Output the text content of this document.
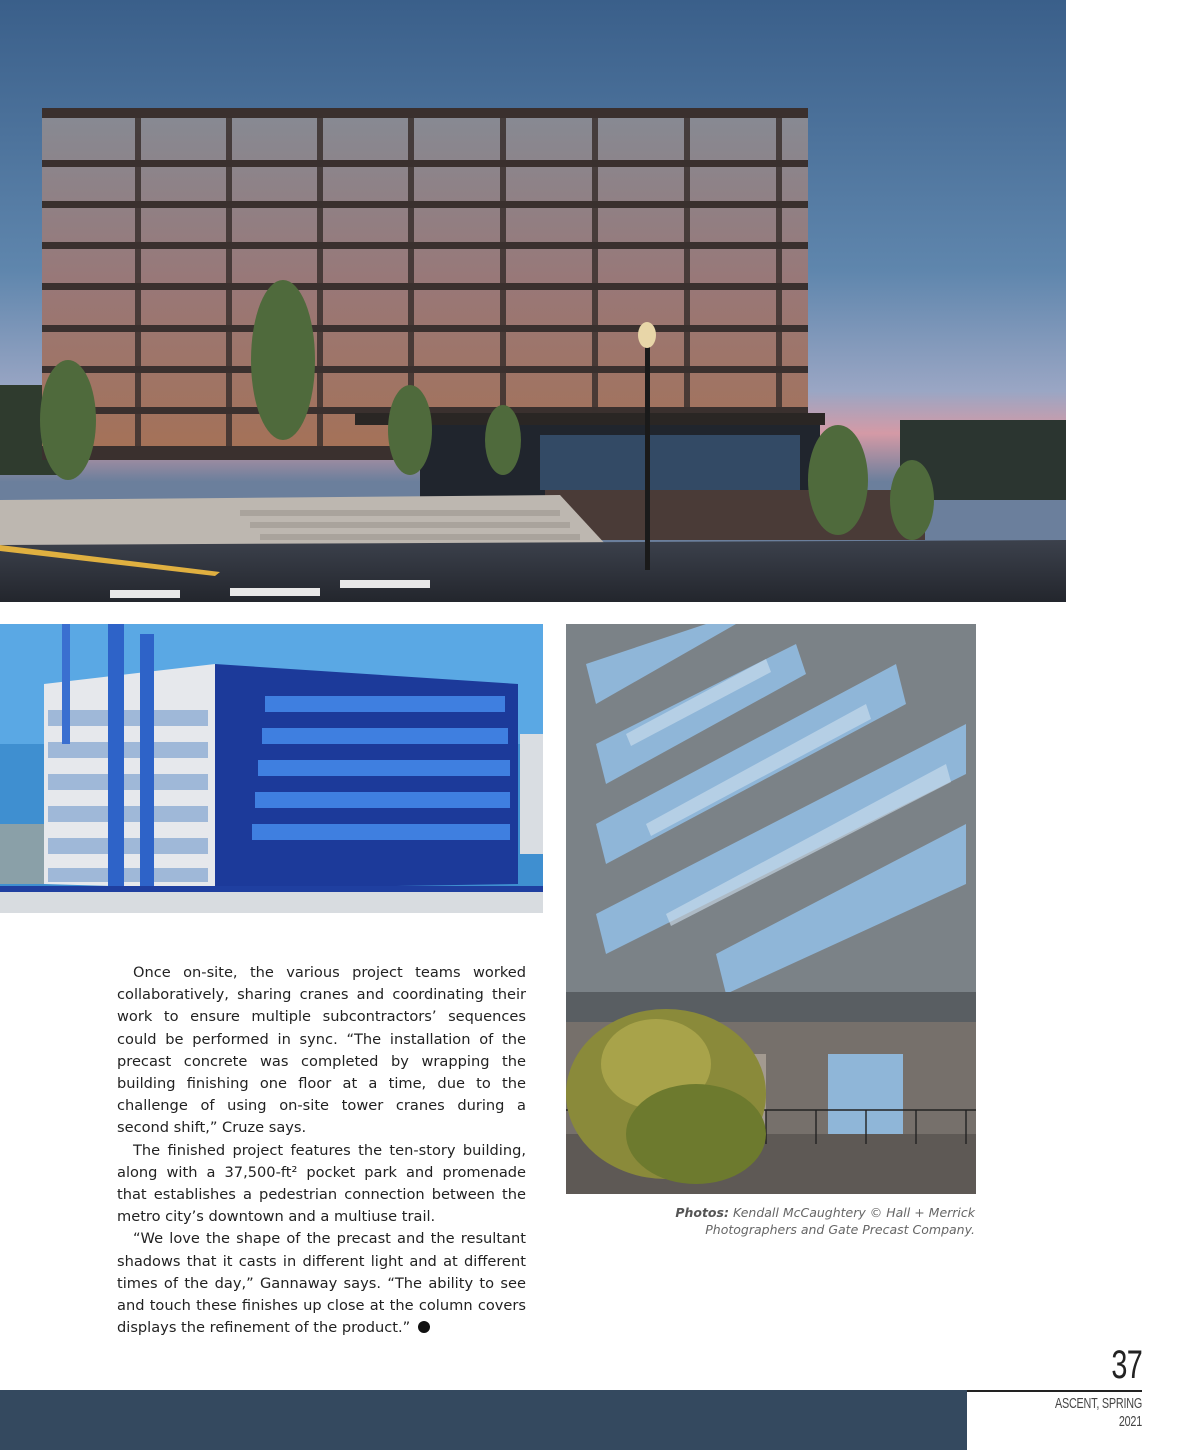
Once on-site, the various project teams worked collaboratively, sharing cranes and coordinating their work to ensure multiple subcontractors’ sequences could be performed in sync. “The installation of the precast concrete was completed by wrapping the building finishing one floor at a time, due to the challenge of using on-site tower cranes during a second shift,” Cruze says.

The finished project features the ten-story building, along with a 37,500-ft² pocket park and promenade that establishes a pedestrian connection between the metro city’s downtown and a multiuse trail.

“We love the shape of the precast and the resultant shadows that it casts in different light and at different times of the day,” Gannaway says. “The ability to see and touch these finishes up close at the column covers displays the refinement of the product.”

Photos: Kendall McCaughtery © Hall + Merrick Photographers and Gate Precast Company.
37
ASCENT, SPRING 2021
